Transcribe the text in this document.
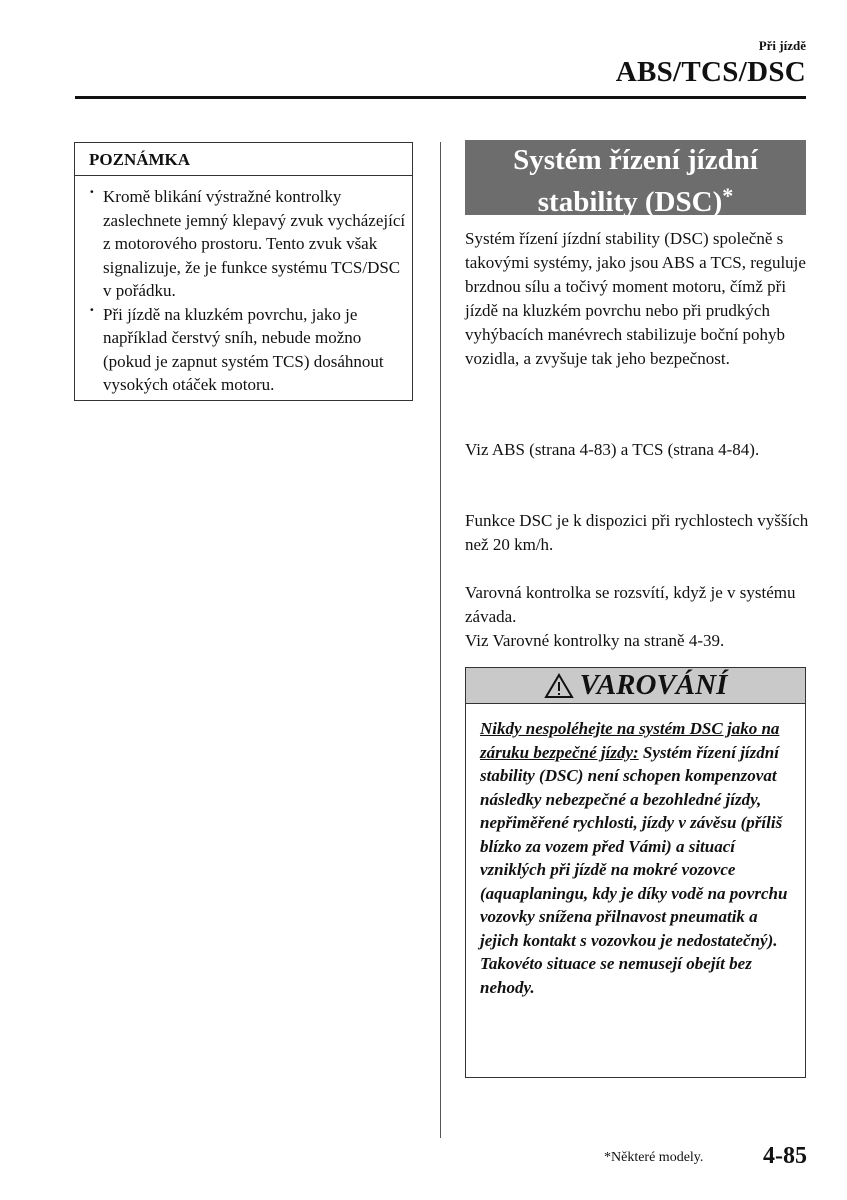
Při jízdě
ABS/TCS/DSC
POZNÁMKA
· Kromě blikání výstražné kontrolky zaslechnete jemný klepavý zvuk vycházející z motorového prostoru. Tento zvuk však signalizuje, že je funkce systému TCS/DSC v pořádku.
· Při jízdě na kluzkém povrchu, jako je například čerstvý sníh, nebude možno (pokud je zapnut systém TCS) dosáhnout vysokých otáček motoru.
Systém řízení jízdní
stability (DSC)*

Systém řízení jízdní stability (DSC) společně s takovými systémy, jako jsou ABS a TCS, reguluje brzdnou sílu a točivý moment motoru, čímž při jízdě na kluzkém povrchu nebo při prudkých vyhýbacích manévrech stabilizuje boční pohyb vozidla, a zvyšuje tak jeho bezpečnost.

Viz ABS (strana 4-83) a TCS (strana 4-84).

Funkce DSC je k dispozici při rychlostech vyšších než 20 km/h.

Varovná kontrolka se rozsvítí, když je v systému závada.
Viz Varovné kontrolky na straně 4-39.
VAROVÁNÍ
Nikdy nespoléhejte na systém DSC jako na záruku bezpečné jízdy: Systém řízení jízdní stability (DSC) není schopen kompenzovat následky nebezpečné a bezohledné jízdy, nepřiměřené rychlosti, jízdy v závěsu (příliš blízko za vozem před Vámi) a situací vzniklých při jízdě na mokré vozovce (aquaplaningu, kdy je díky vodě na povrchu vozovky snížena přilnavost pneumatik a jejich kontakt s vozovkou je nedostatečný). Takovéto situace se nemusejí obejít bez nehody.
*Některé modely. 4-85
